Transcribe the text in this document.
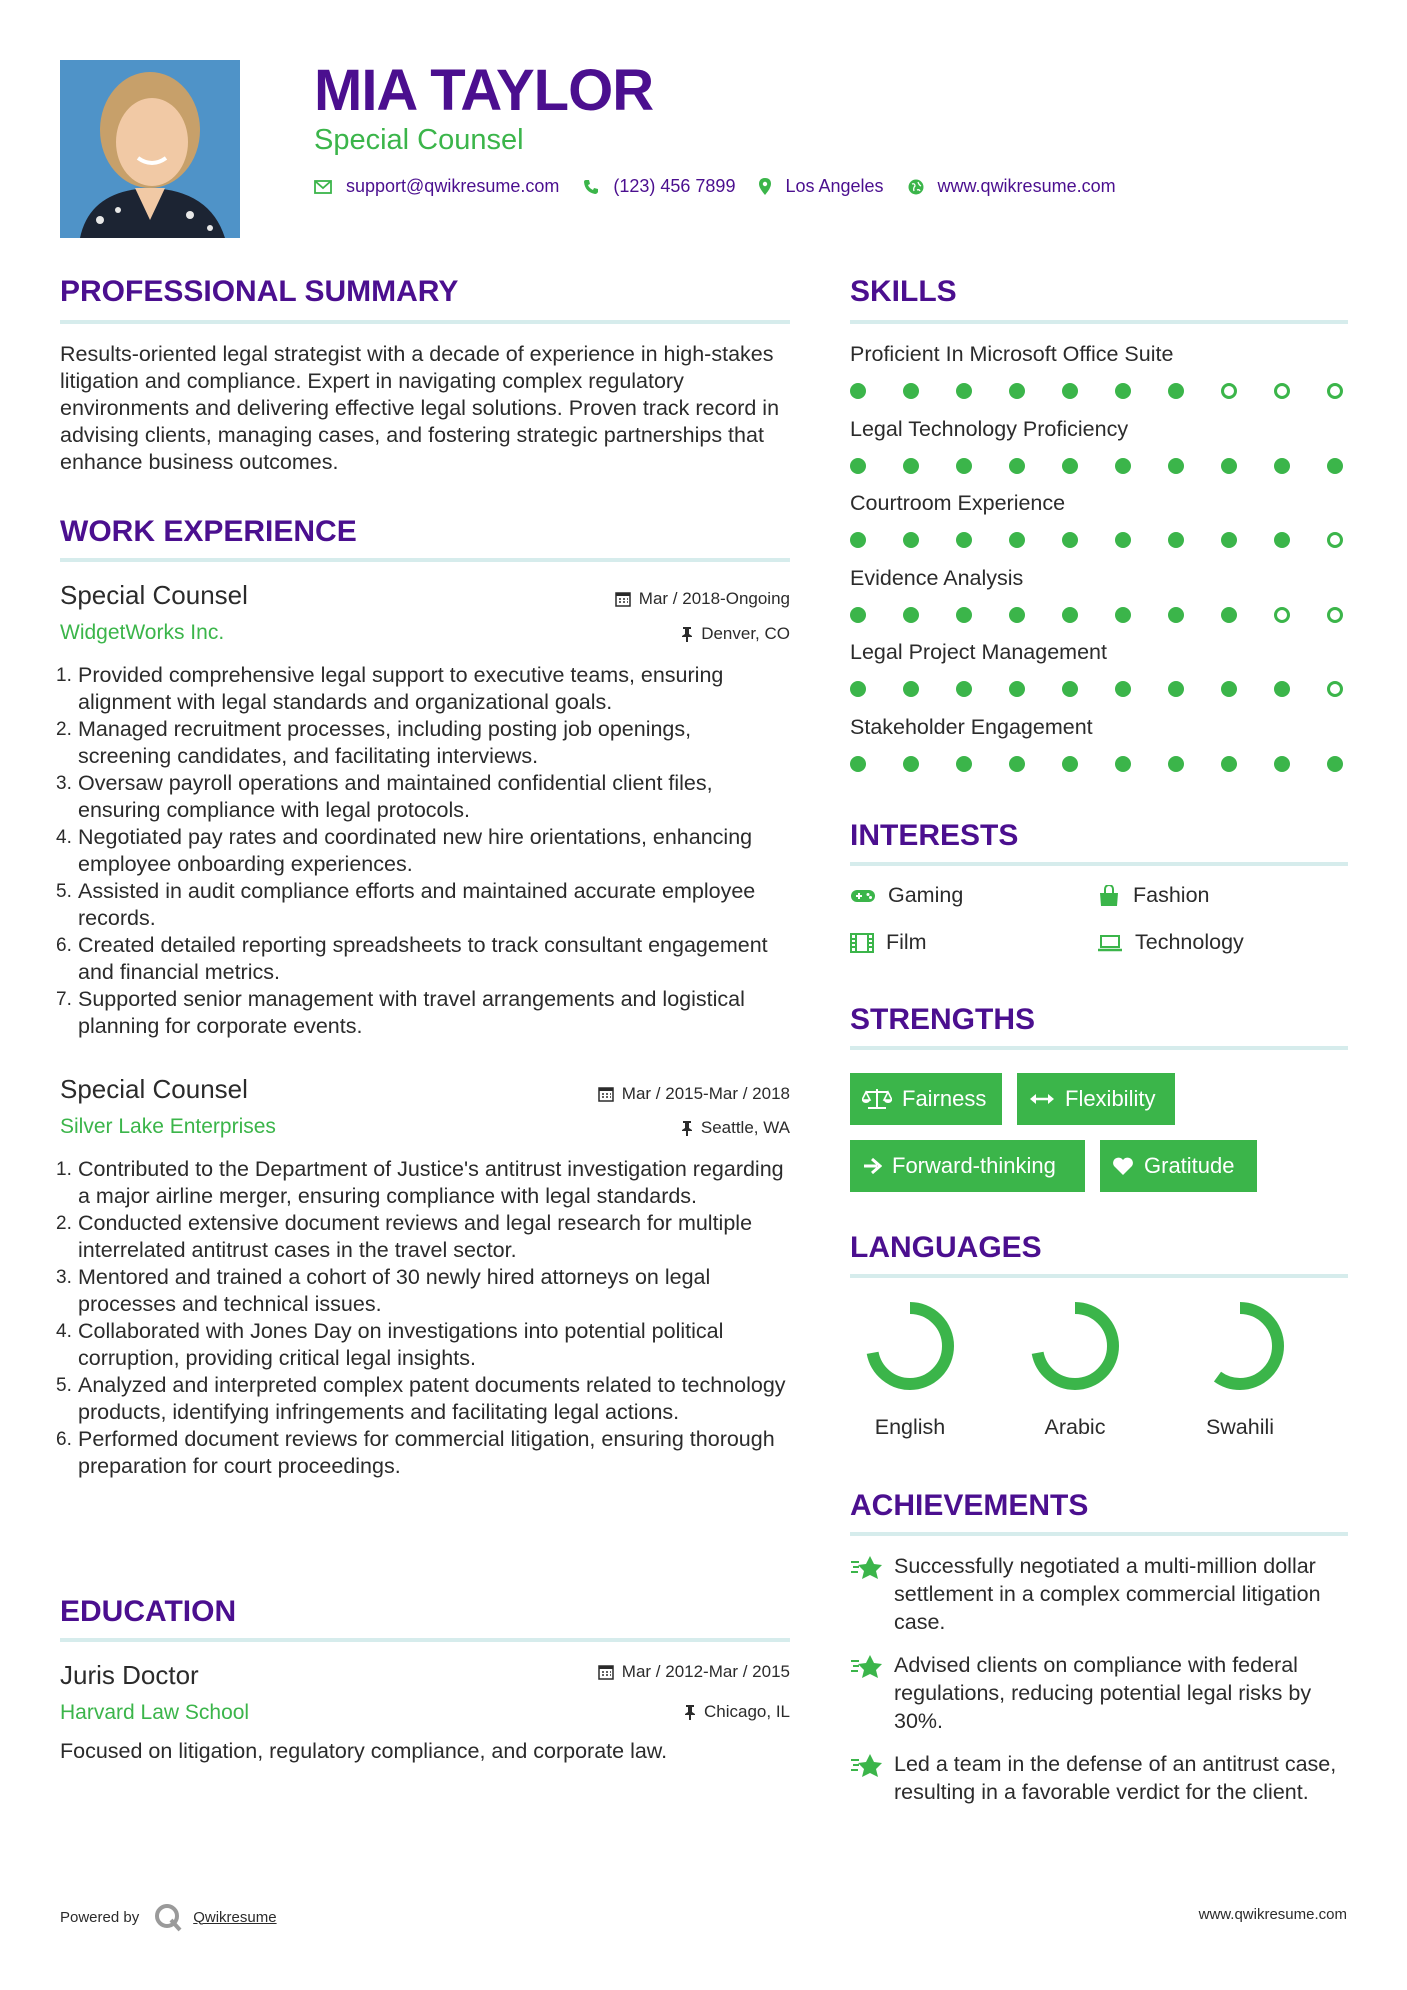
MIA TAYLOR
Special Counsel
support@qwikresume.com	(123) 456 7899	Los Angeles	www.qwikresume.com
PROFESSIONAL SUMMARY
Results-oriented legal strategist with a decade of experience in high-stakes litigation and compliance. Expert in navigating complex regulatory environments and delivering effective legal solutions. Proven track record in advising clients, managing cases, and fostering strategic partnerships that enhance business outcomes.
WORK EXPERIENCE
Special Counsel	Mar / 2018-Ongoing
WidgetWorks Inc.	Denver, CO
1. Provided comprehensive legal support to executive teams, ensuring alignment with legal standards and organizational goals.
2. Managed recruitment processes, including posting job openings, screening candidates, and facilitating interviews.
3. Oversaw payroll operations and maintained confidential client files, ensuring compliance with legal protocols.
4. Negotiated pay rates and coordinated new hire orientations, enhancing employee onboarding experiences.
5. Assisted in audit compliance efforts and maintained accurate employee records.
6. Created detailed reporting spreadsheets to track consultant engagement and financial metrics.
7. Supported senior management with travel arrangements and logistical planning for corporate events.
Special Counsel	Mar / 2015-Mar / 2018
Silver Lake Enterprises	Seattle, WA
1. Contributed to the Department of Justice's antitrust investigation regarding a major airline merger, ensuring compliance with legal standards.
2. Conducted extensive document reviews and legal research for multiple interrelated antitrust cases in the travel sector.
3. Mentored and trained a cohort of 30 newly hired attorneys on legal processes and technical issues.
4. Collaborated with Jones Day on investigations into potential political corruption, providing critical legal insights.
5. Analyzed and interpreted complex patent documents related to technology products, identifying infringements and facilitating legal actions.
6. Performed document reviews for commercial litigation, ensuring thorough preparation for court proceedings.
EDUCATION
Juris Doctor	Mar / 2012-Mar / 2015
Harvard Law School	Chicago, IL
Focused on litigation, regulatory compliance, and corporate law.
SKILLS
Proficient In Microsoft Office Suite
Legal Technology Proficiency
Courtroom Experience
Evidence Analysis
Legal Project Management
Stakeholder Engagement
INTERESTS
Gaming	Fashion
Film	Technology
STRENGTHS
Fairness	Flexibility
Forward-thinking	Gratitude
LANGUAGES
English	Arabic	Swahili
ACHIEVEMENTS
Successfully negotiated a multi-million dollar settlement in a complex commercial litigation case.
Advised clients on compliance with federal regulations, reducing potential legal risks by 30%.
Led a team in the defense of an antitrust case, resulting in a favorable verdict for the client.
Powered by	Qwikresume	www.qwikresume.com
